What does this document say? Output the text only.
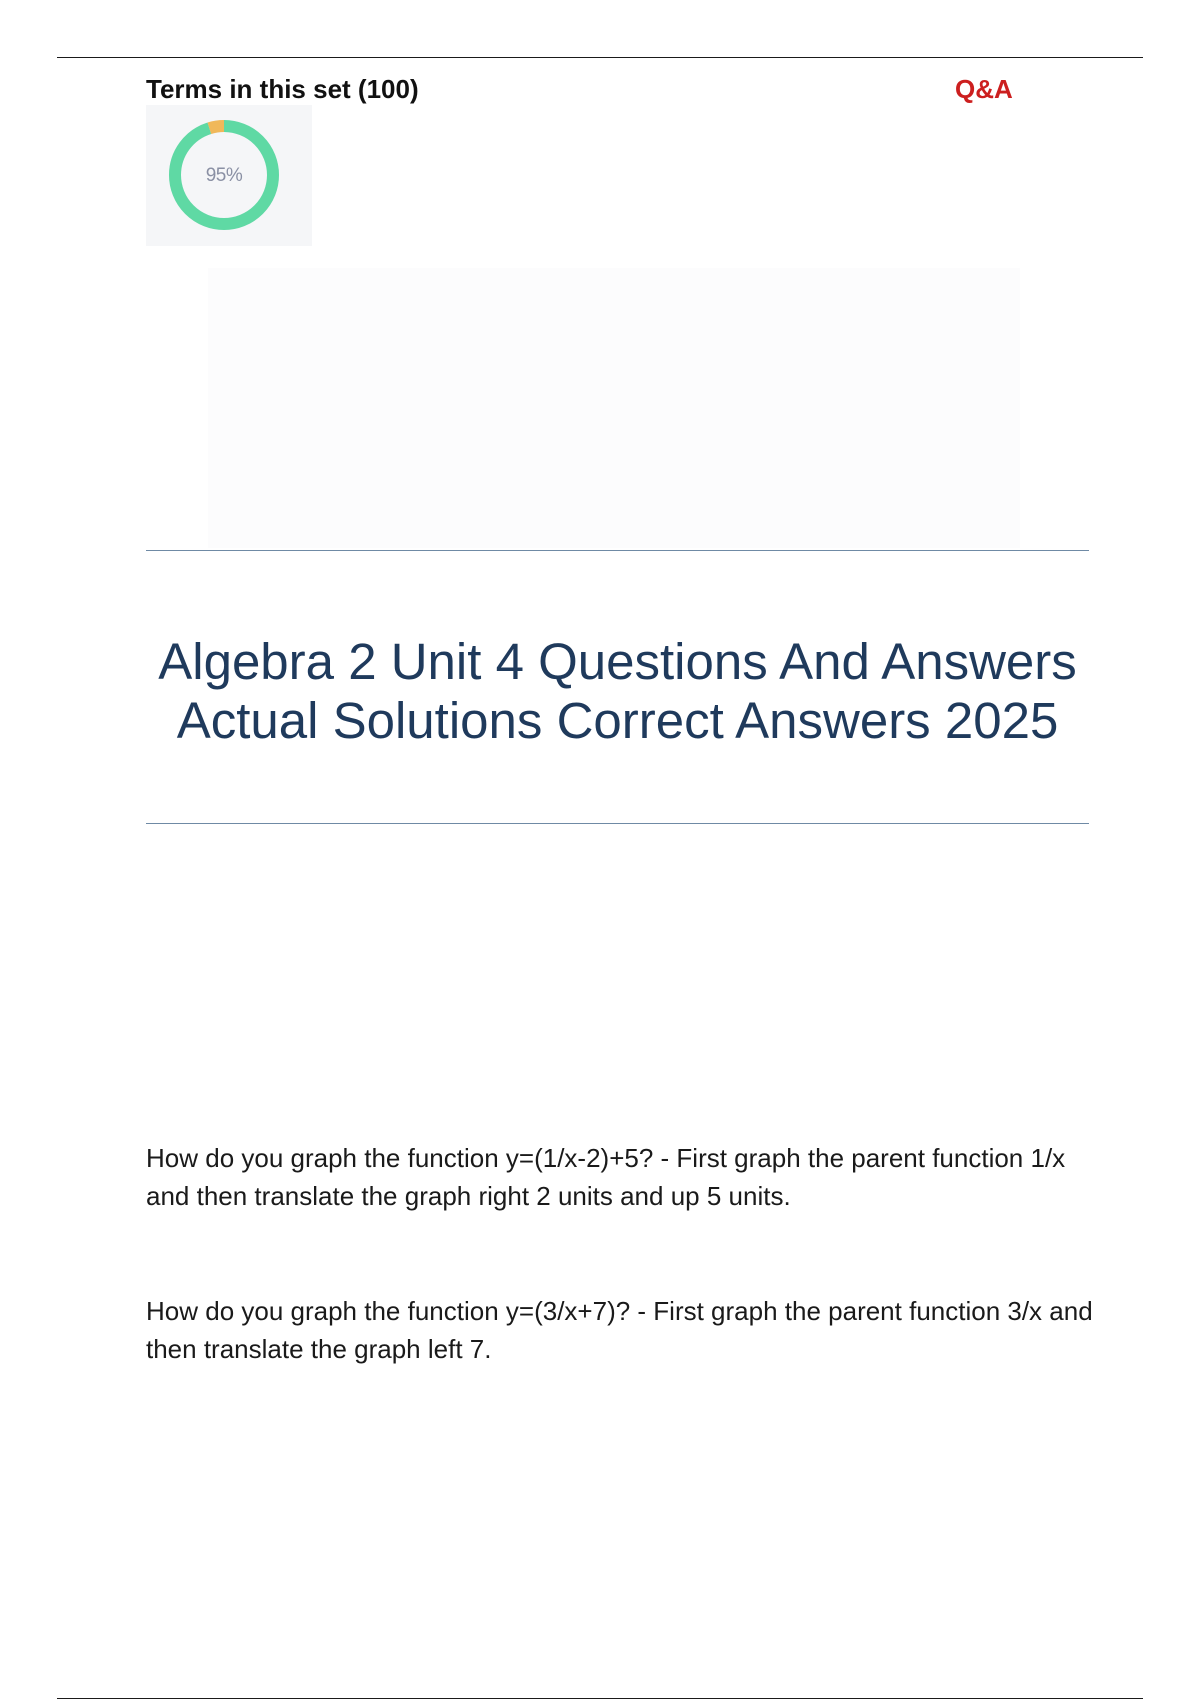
Terms in this set (100)	Q&A
95%
Algebra 2 Unit 4 Questions And Answers Actual Solutions Correct Answers 2025

How do you graph the function y=(1/x-2)+5? - First graph the parent function 1/x and then translate the graph right 2 units and up 5 units.

How do you graph the function y=(3/x+7)? - First graph the parent function 3/x and then translate the graph left 7.
